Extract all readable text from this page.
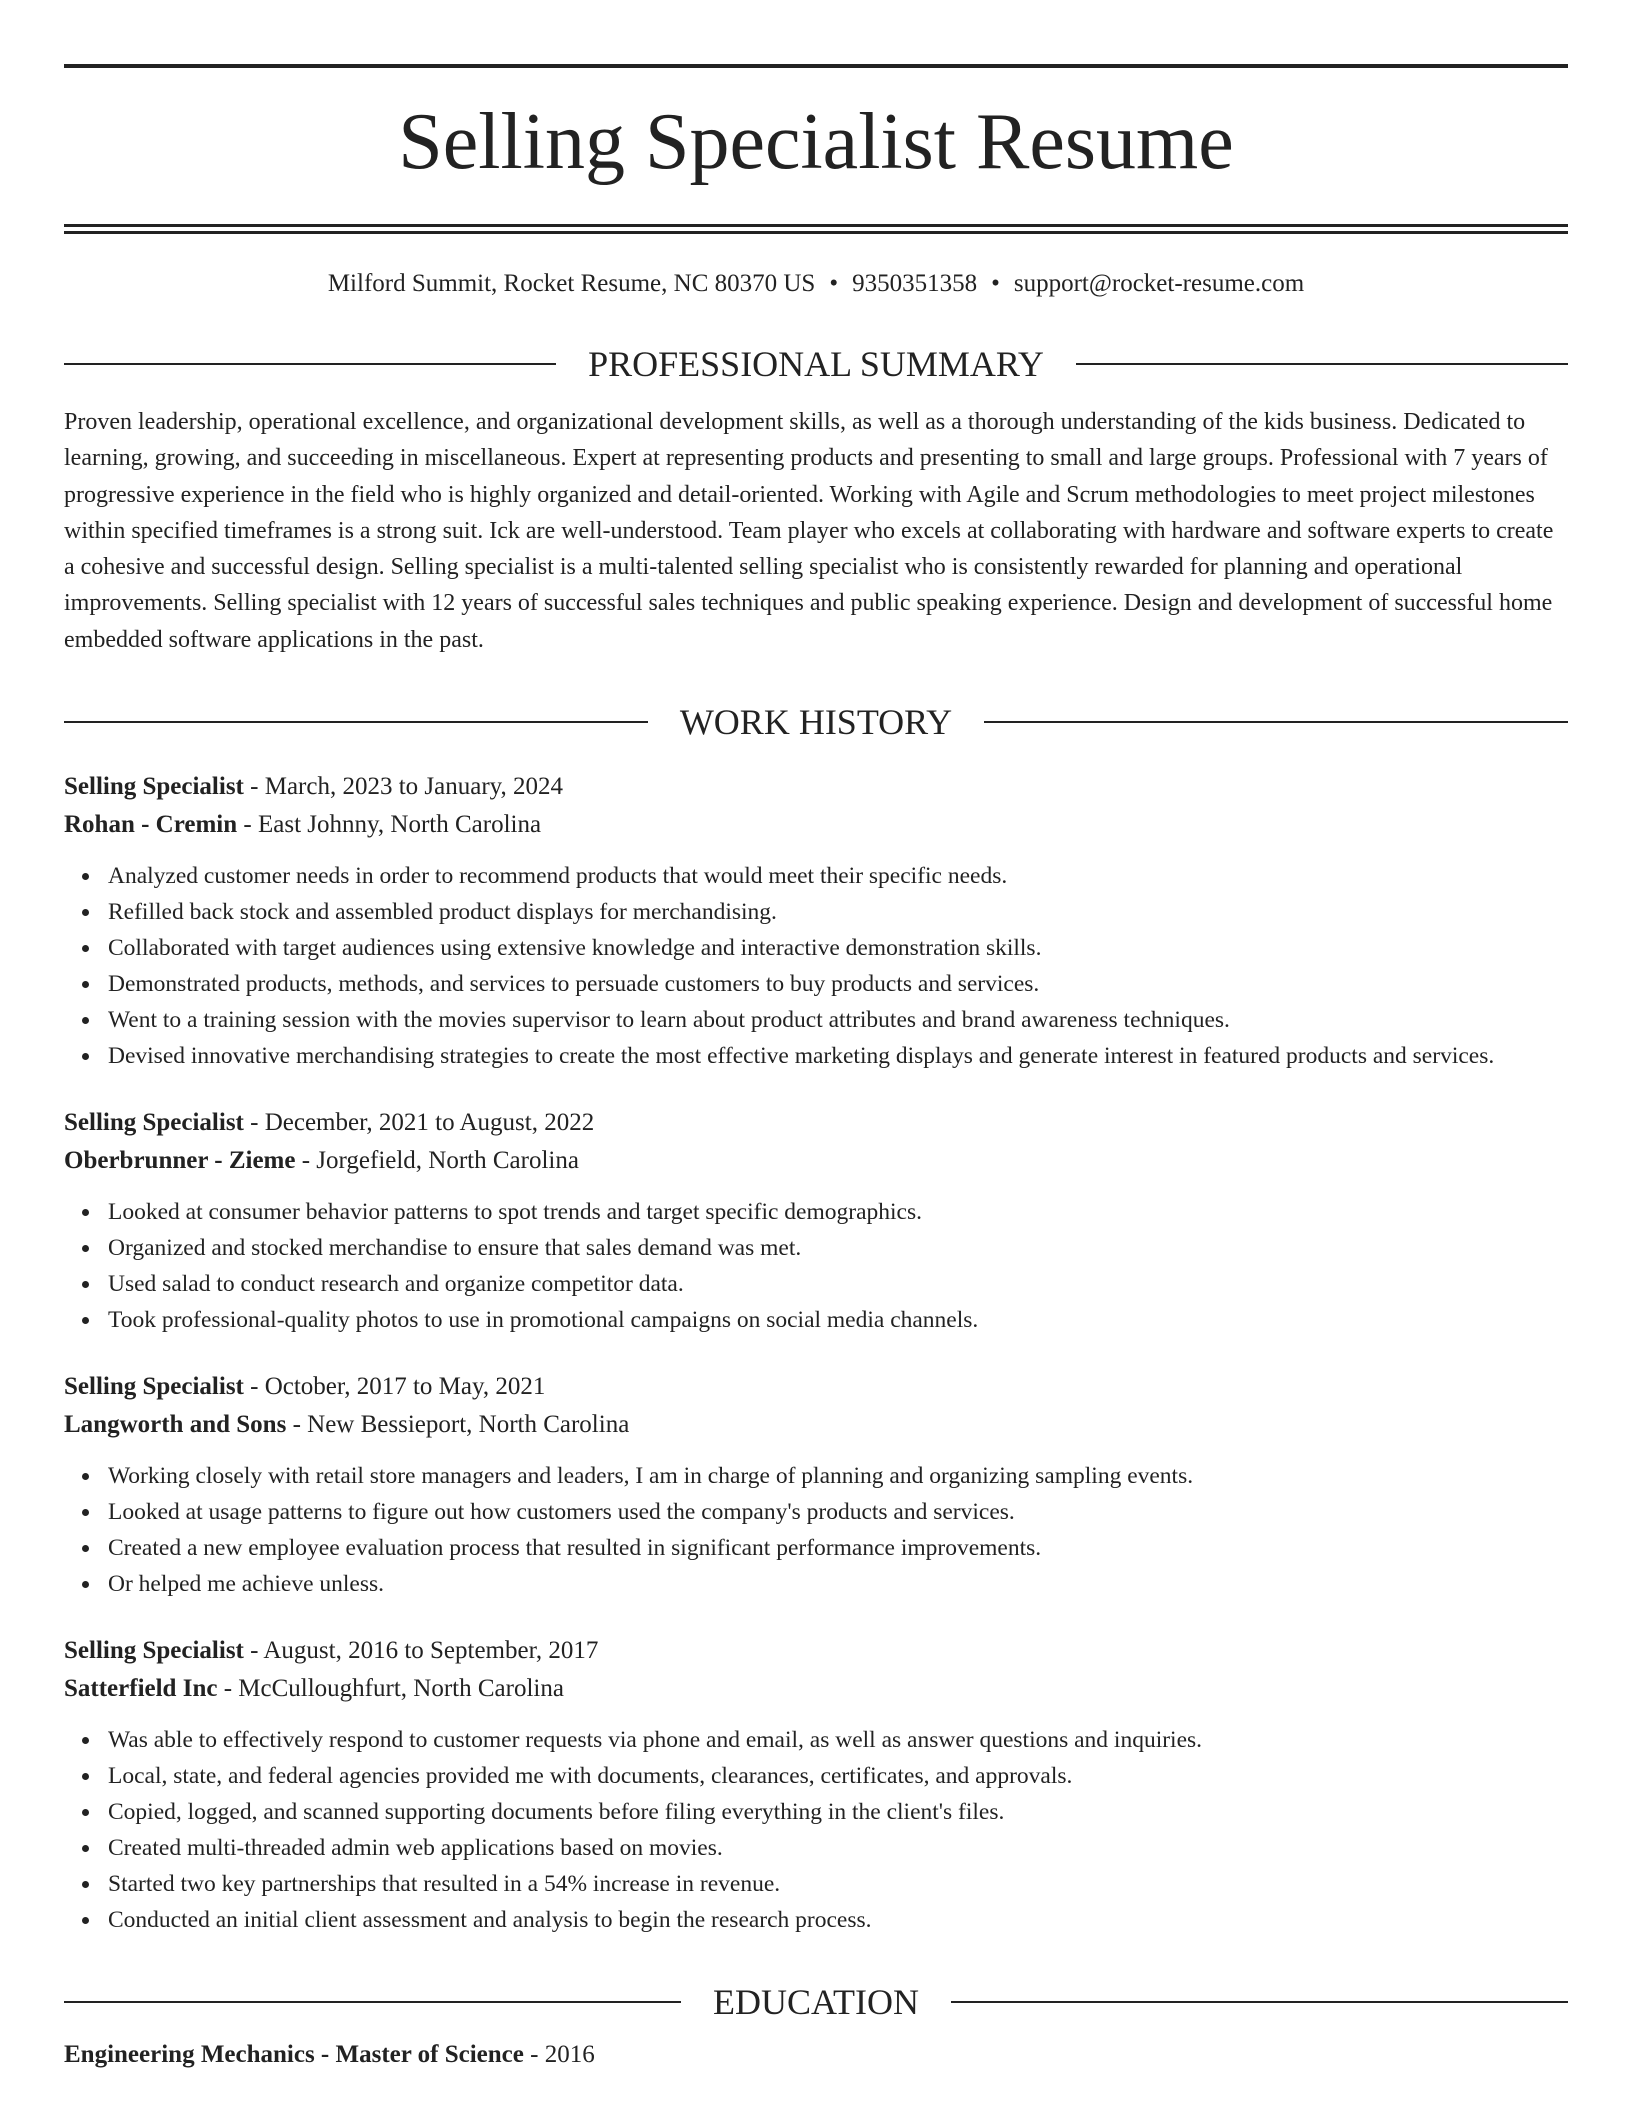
Selling Specialist Resume
Milford Summit, Rocket Resume, NC 80370 US • 9350351358 • support@rocket-resume.com
PROFESSIONAL SUMMARY

Proven leadership, operational excellence, and organizational development skills, as well as a thorough understanding of the kids business. Dedicated to learning, growing, and succeeding in miscellaneous. Expert at representing products and presenting to small and large groups. Professional with 7 years of progressive experience in the field who is highly organized and detail-oriented. Working with Agile and Scrum methodologies to meet project milestones within specified timeframes is a strong suit. Ick are well-understood. Team player who excels at collaborating with hardware and software experts to create a cohesive and successful design. Selling specialist is a multi-talented selling specialist who is consistently rewarded for planning and operational improvements. Selling specialist with 12 years of successful sales techniques and public speaking experience. Design and development of successful home embedded software applications in the past.

WORK HISTORY
Selling Specialist - March, 2023 to January, 2024
Rohan - Cremin - East Johnny, North Carolina
Analyzed customer needs in order to recommend products that would meet their specific needs.
Refilled back stock and assembled product displays for merchandising.
Collaborated with target audiences using extensive knowledge and interactive demonstration skills.
Demonstrated products, methods, and services to persuade customers to buy products and services.
Went to a training session with the movies supervisor to learn about product attributes and brand awareness techniques.
Devised innovative merchandising strategies to create the most effective marketing displays and generate interest in featured products and services.
Selling Specialist - December, 2021 to August, 2022
Oberbrunner - Zieme - Jorgefield, North Carolina
Looked at consumer behavior patterns to spot trends and target specific demographics.
Organized and stocked merchandise to ensure that sales demand was met.
Used salad to conduct research and organize competitor data.
Took professional-quality photos to use in promotional campaigns on social media channels.
Selling Specialist - October, 2017 to May, 2021
Langworth and Sons - New Bessieport, North Carolina
Working closely with retail store managers and leaders, I am in charge of planning and organizing sampling events.
Looked at usage patterns to figure out how customers used the company's products and services.
Created a new employee evaluation process that resulted in significant performance improvements.
Or helped me achieve unless.
Selling Specialist - August, 2016 to September, 2017
Satterfield Inc - McCulloughfurt, North Carolina
Was able to effectively respond to customer requests via phone and email, as well as answer questions and inquiries.
Local, state, and federal agencies provided me with documents, clearances, certificates, and approvals.
Copied, logged, and scanned supporting documents before filing everything in the client's files.
Created multi-threaded admin web applications based on movies.
Started two key partnerships that resulted in a 54% increase in revenue.
Conducted an initial client assessment and analysis to begin the research process.
EDUCATION
Engineering Mechanics - Master of Science - 2016
